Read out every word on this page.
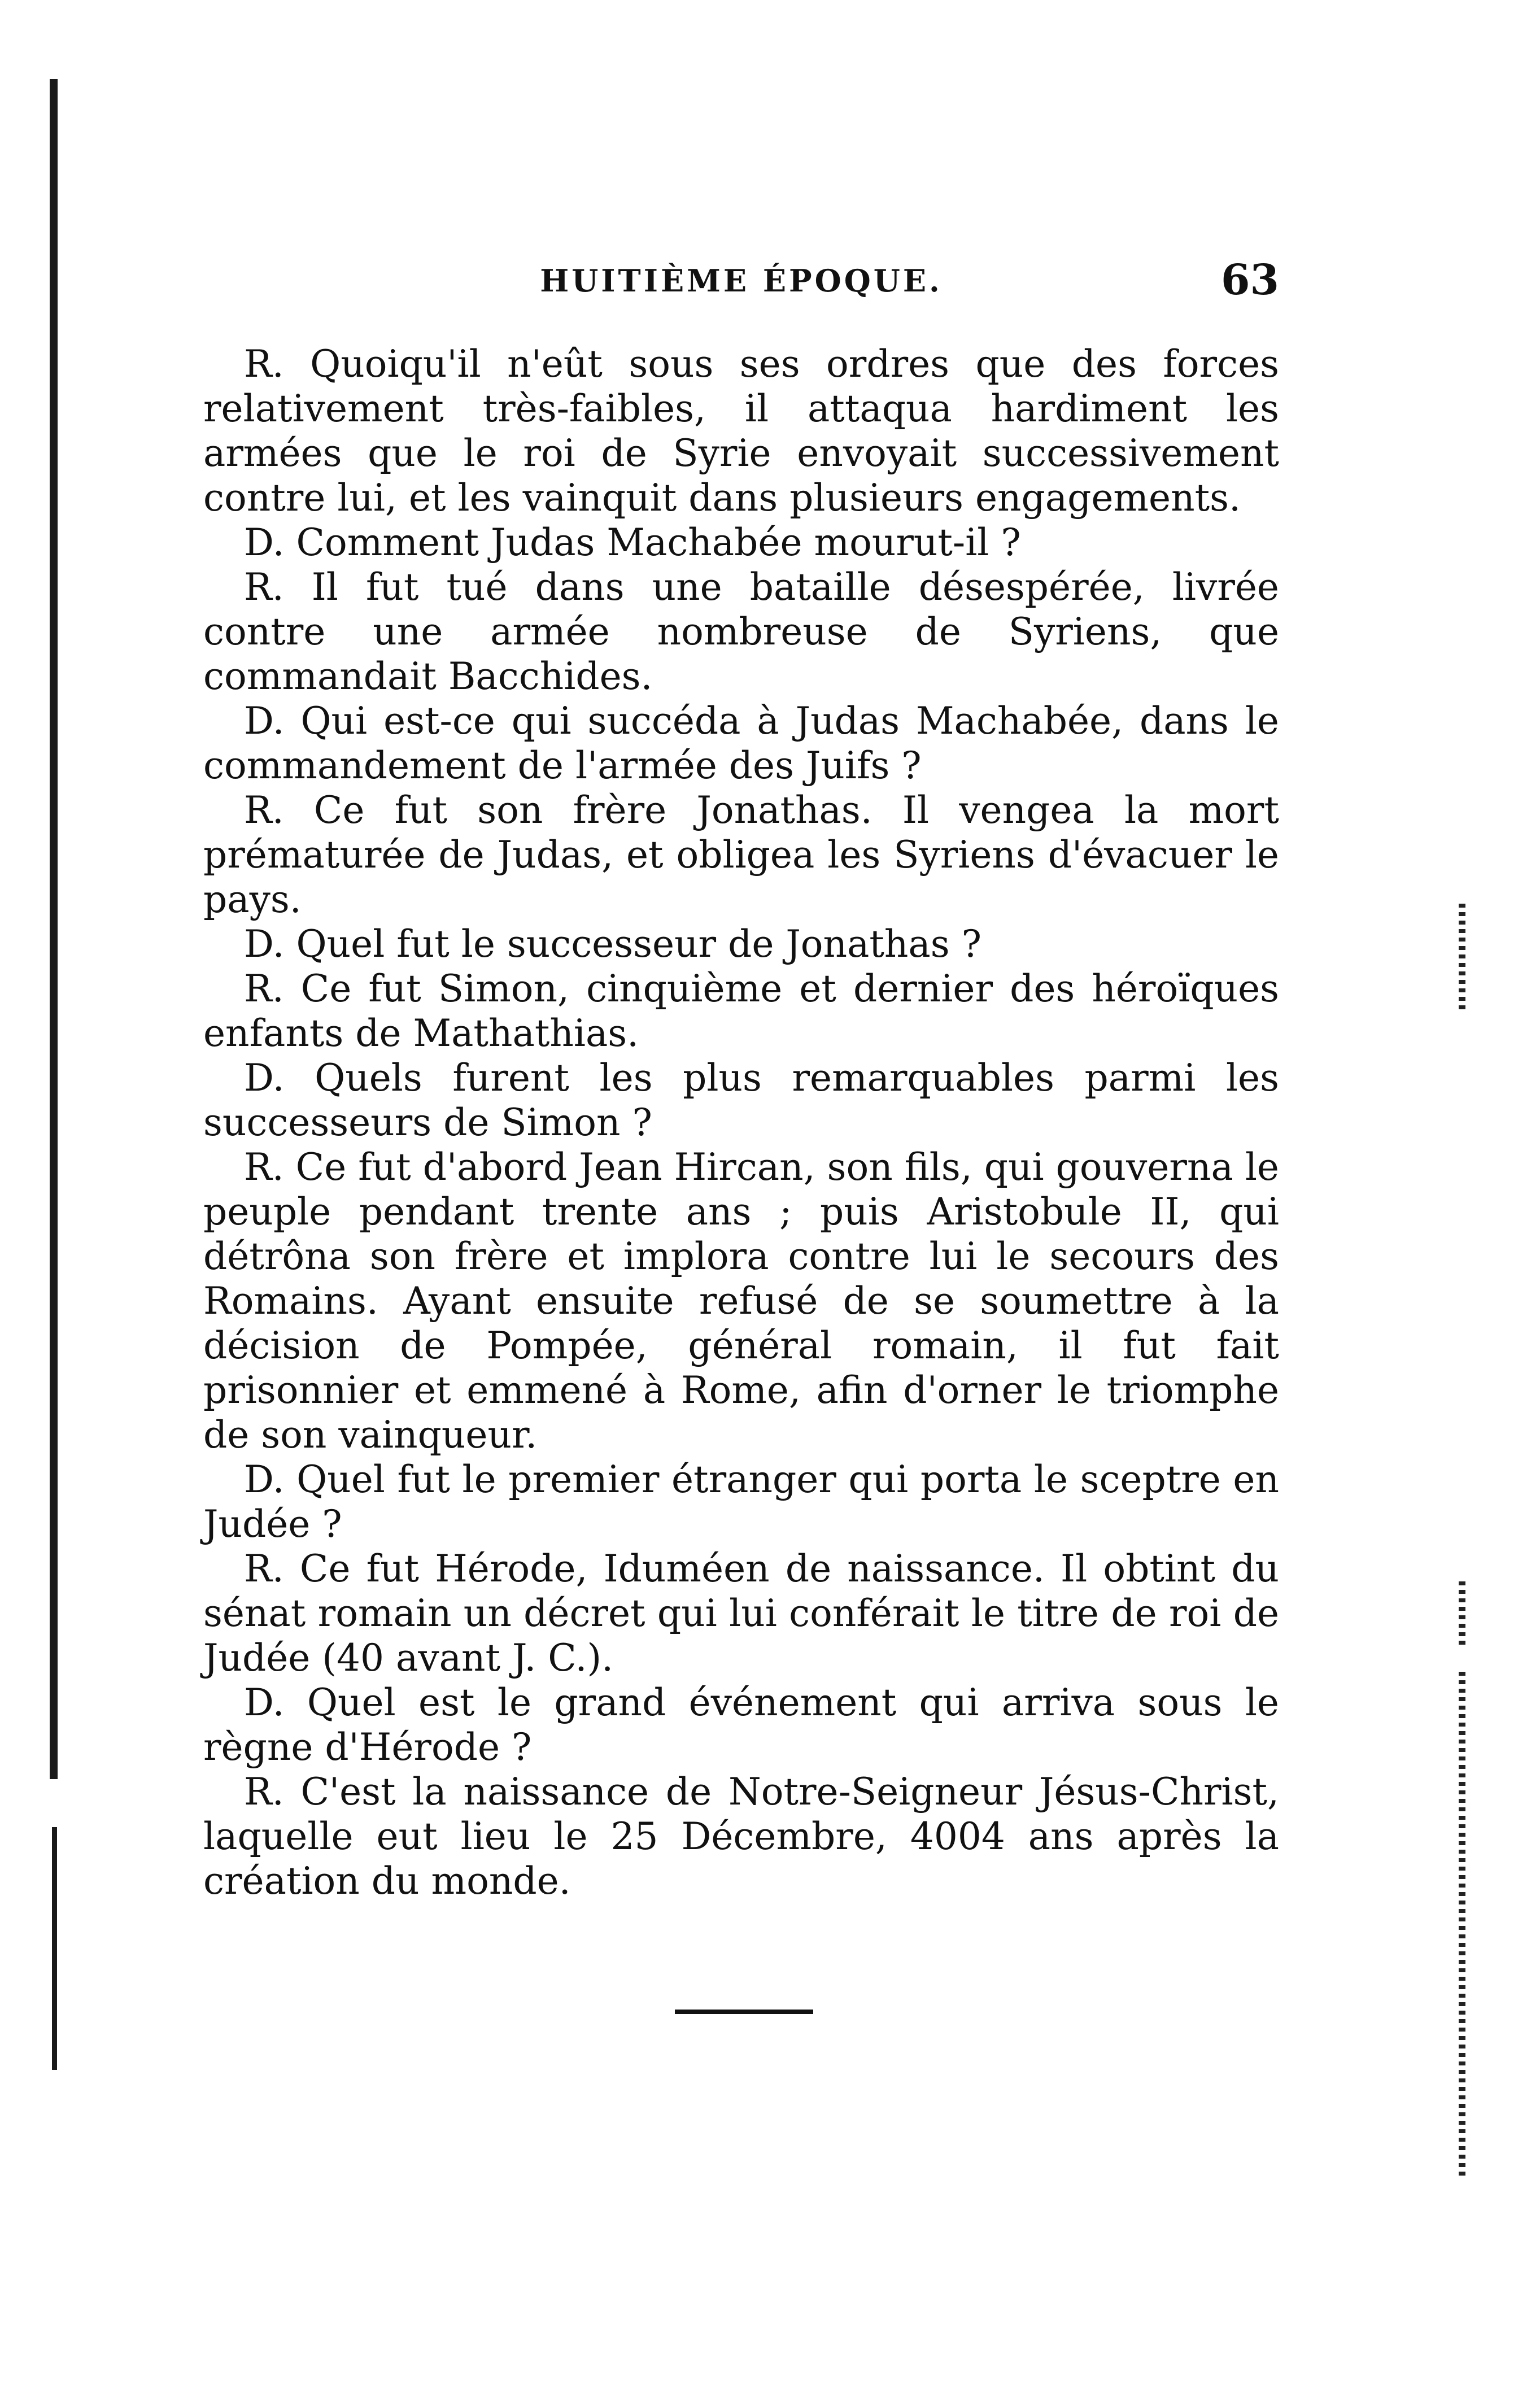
HUITIÈME ÉPOQUE.	63

R. Quoiqu'il n'eût sous ses ordres que des forces relativement très-faibles, il attaqua hardiment les armées que le roi de Syrie envoyait successivement contre lui, et les vainquit dans plusieurs engagements.

D. Comment Judas Machabée mourut-il ?

R. Il fut tué dans une bataille désespérée, livrée contre une armée nombreuse de Syriens, que commandait Bacchides.

D. Qui est-ce qui succéda à Judas Machabée, dans le commandement de l'armée des Juifs ?

R. Ce fut son frère Jonathas. Il vengea la mort prématurée de Judas, et obligea les Syriens d'évacuer le pays.

D. Quel fut le successeur de Jonathas ?

R. Ce fut Simon, cinquième et dernier des héroïques enfants de Mathathias.

D. Quels furent les plus remarquables parmi les successeurs de Simon ?

R. Ce fut d'abord Jean Hircan, son fils, qui gouverna le peuple pendant trente ans ; puis Aristobule II, qui détrôna son frère et implora contre lui le secours des Romains. Ayant ensuite refusé de se soumettre à la décision de Pompée, général romain, il fut fait prisonnier et emmené à Rome, afin d'orner le triomphe de son vainqueur.

D. Quel fut le premier étranger qui porta le sceptre en Judée ?

R. Ce fut Hérode, Iduméen de naissance. Il obtint du sénat romain un décret qui lui conférait le titre de roi de Judée (40 avant J. C.).

D. Quel est le grand événement qui arriva sous le règne d'Hérode ?

R. C'est la naissance de Notre-Seigneur Jésus-Christ, laquelle eut lieu le 25 Décembre, 4004 ans après la création du monde.
